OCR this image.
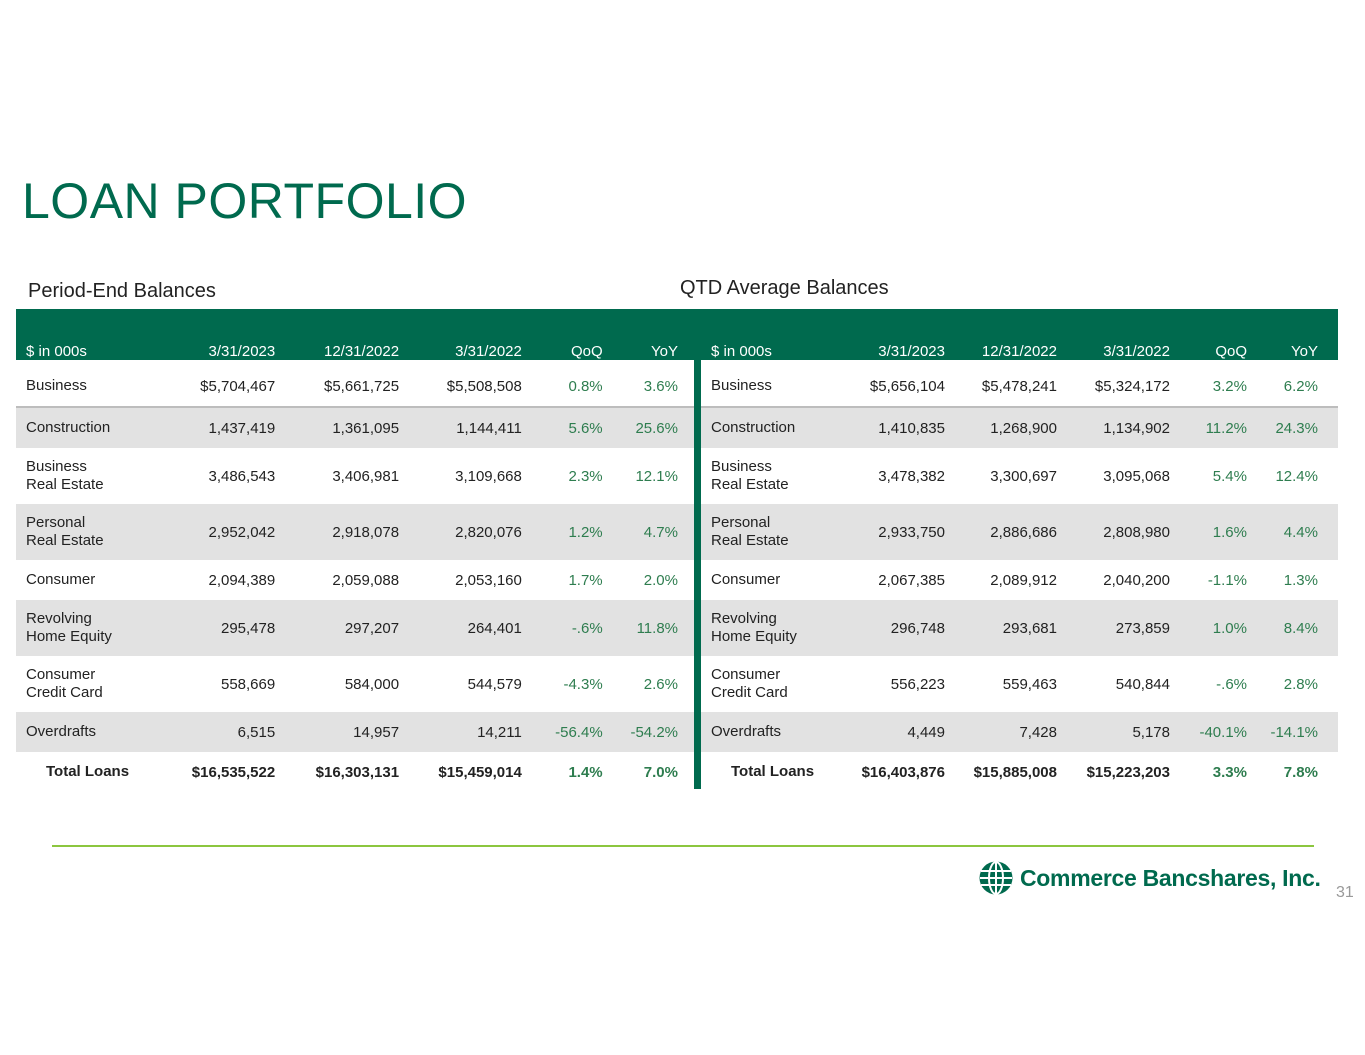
LOAN PORTFOLIO
Period-End Balances	QTD Average Balances
$ in 000s	3/31/2023	12/31/2022	3/31/2022	QoQ	YoY
Business	$5,704,467	$5,661,725	$5,508,508	0.8%	3.6%
Construction	1,437,419	1,361,095	1,144,411	5.6%	25.6%
Business
Real Estate	3,486,543	3,406,981	3,109,668	2.3%	12.1%
Personal
Real Estate	2,952,042	2,918,078	2,820,076	1.2%	4.7%
Consumer	2,094,389	2,059,088	2,053,160	1.7%	2.0%
Revolving
Home Equity	295,478	297,207	264,401	-.6%	11.8%
Consumer
Credit Card	558,669	584,000	544,579	-4.3%	2.6%
Overdrafts	6,515	14,957	14,211	-56.4%	-54.2%
Total Loans	$16,535,522	$16,303,131	$15,459,014	1.4%	7.0%
$ in 000s	3/31/2023	12/31/2022	3/31/2022	QoQ	YoY
Business	$5,656,104	$5,478,241	$5,324,172	3.2%	6.2%
Construction	1,410,835	1,268,900	1,134,902	11.2%	24.3%
Business
Real Estate	3,478,382	3,300,697	3,095,068	5.4%	12.4%
Personal
Real Estate	2,933,750	2,886,686	2,808,980	1.6%	4.4%
Consumer	2,067,385	2,089,912	2,040,200	-1.1%	1.3%
Revolving
Home Equity	296,748	293,681	273,859	1.0%	8.4%
Consumer
Credit Card	556,223	559,463	540,844	-.6%	2.8%
Overdrafts	4,449	7,428	5,178	-40.1%	-14.1%
Total Loans	$16,403,876	$15,885,008	$15,223,203	3.3%	7.8%
Commerce Bancshares, Inc.
31
